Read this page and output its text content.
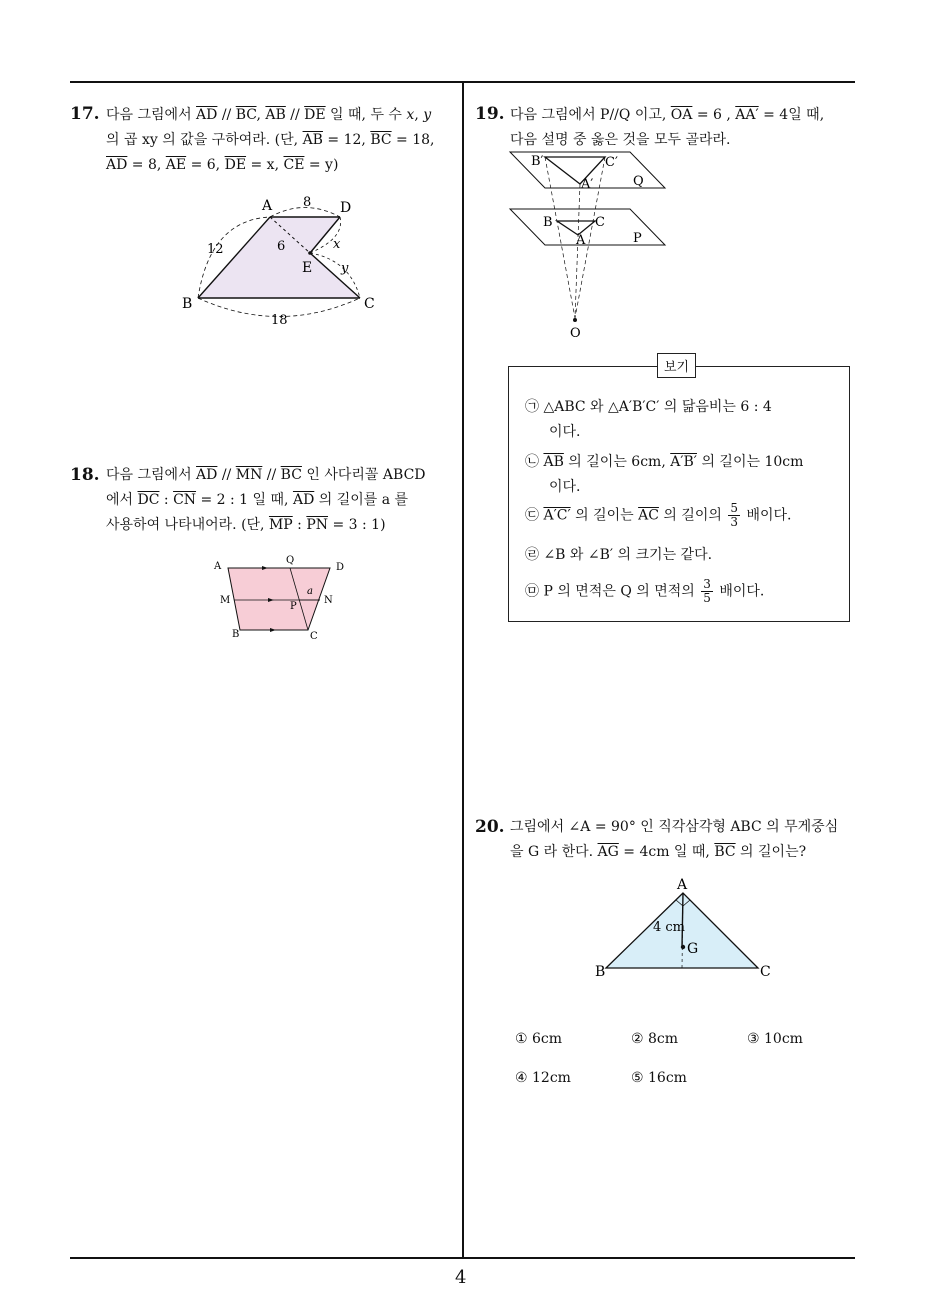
4
17. 다음 그림에서 $\overline{AD} // \overline{BC}$, $\overline{AB} // \overline{DE}$ 일 때, 두 수 x, y
의 곱 xy 의 값을 구하여라. (단, $\overline{AB} = 12$, $\overline{BC} = 18$,
$\overline{AD} = 8$, $\overline{AE} = 6$, $\overline{DE} = x$, $\overline{CE} = y$)
A	D
B	C
E
8
12	6	x
y
18
18. 다음 그림에서 $\overline{AD} // \overline{MN} // \overline{BC}$ 인 사다리꼴 ABCD
에서 $\overline{DC}$ : $\overline{CN} = 2$ : 1 일 때, $\overline{AD}$ 의 길이를 a 를
사용하여 나타내어라. (단, $\overline{MP}$ : $\overline{PN} = 3$ : 1)
A
Q
D
M
P
N
B	C
a
19. 다음 그림에서 P//Q 이고, $\overline{OA} = 6$ , AA′ = 4일 때,
다음 설명 중 옳은 것을 모두 골라라.
B′	C′
A′	Q
B	C
A	P
O
보기
㉠ △ABC 와 △A′B′C′ 의 닮음비는 6 : 4
이다.
㉡ $\overline{AB}$ 의 길이는 6cm, A′B′ 의 길이는 10cm
이다.
㉢ A′C′ 의 길이는 $\overline{AC}$ 의 길이의 $\frac{5}{3}$ 배이다.
㉣ ∠B 와 ∠B′ 의 크기는 같다.
㉤ P 의 면적은 Q 의 면적의 $\frac{3}{5}$ 배이다.
20. 그림에서 ∠A = 90° 인 직각삼각형 ABC 의 무게중심
을 G 라 한다. $\overline{AG} = 4cm$ 일 때, $\overline{BC}$ 의 길이는?
A
B	C
G
4 cm
① 6cm	② 8cm	③ 10cm
④ 12cm	⑤ 16cm
